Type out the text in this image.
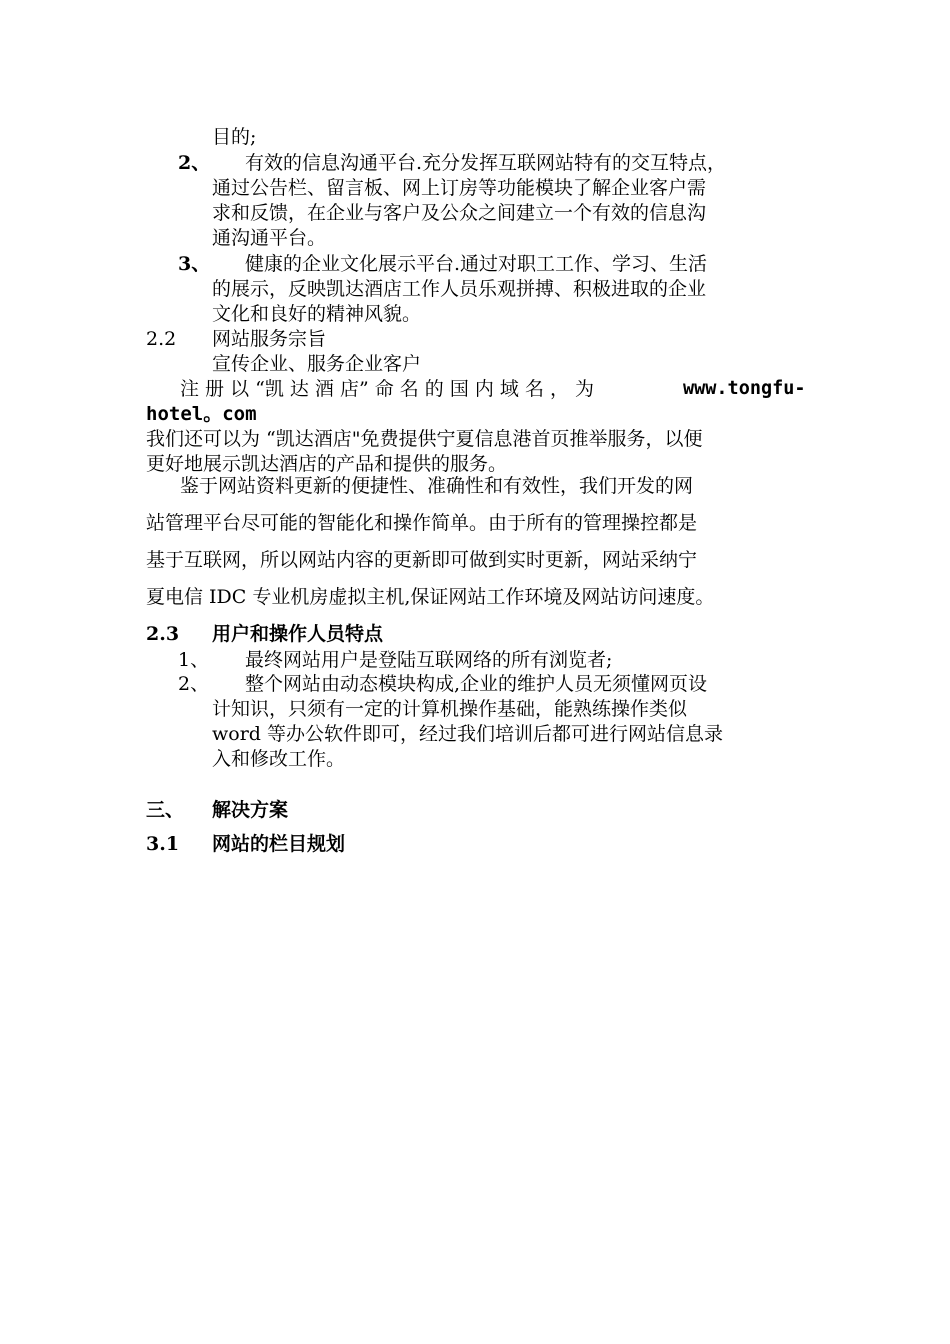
目的;
2、 有效的信息沟通平台.充分发挥互联网站特有的交互特点，
通过公告栏、留言板、网上订房等功能模块了解企业客户需
求和反馈，在企业与客户及公众之间建立一个有效的信息沟
通沟通平台。
3、 健康的企业文化展示平台.通过对职工工作、学习、生活
的展示，反映凯达酒店工作人员乐观拼搏、积极进取的企业
文化和良好的精神风貌。
2.2 网站服务宗旨
宣传企业、服务企业客户
注 册 以 “凯 达 酒 店” 命 名 的 国 内 域 名 ， 为	www.tongfu-
hotel。com
我们还可以为 “凯达酒店"免费提供宁夏信息港首页推举服务，以便
更好地展示凯达酒店的产品和提供的服务。
鉴于网站资料更新的便捷性、准确性和有效性，我们开发的网
站管理平台尽可能的智能化和操作简单。由于所有的管理操控都是
基于互联网，所以网站内容的更新即可做到实时更新，网站采纳宁
夏电信 IDC 专业机房虚拟主机,保证网站工作环境及网站访问速度。
2.3 用户和操作人员特点
1、 最终网站用户是登陆互联网络的所有浏览者;
2、 整个网站由动态模块构成,企业的维护人员无须懂网页设
计知识，只须有一定的计算机操作基础，能熟练操作类似
word 等办公软件即可，经过我们培训后都可进行网站信息录
入和修改工作。
三、 解决方案
3.1 网站的栏目规划
